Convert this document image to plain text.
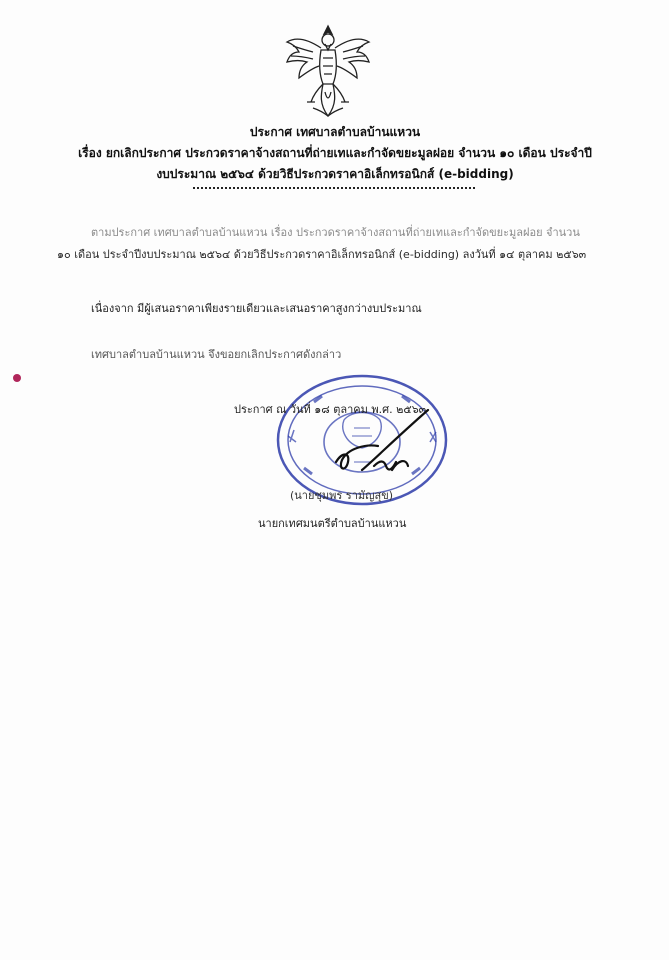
ประกาศ เทศบาลตำบลบ้านแหวน
เรื่อง ยกเลิกประกาศ ประกวดราคาจ้างสถานที่ถ่ายเทและกำจัดขยะมูลฝอย จำนวน ๑๐ เดือน ประจำปี
งบประมาณ ๒๕๖๔ ด้วยวิธีประกวดราคาอิเล็กทรอนิกส์ (e-bidding)
ตามประกาศ เทศบาลตำบลบ้านแหวน เรื่อง ประกวดราคาจ้างสถานที่ถ่ายเทและกำจัดขยะมูลฝอย จำนวน
๑๐ เดือน ประจำปีงบประมาณ ๒๕๖๔ ด้วยวิธีประกวดราคาอิเล็กทรอนิกส์ (e-bidding) ลงวันที่ ๑๔ ตุลาคม ๒๕๖๓
เนื่องจาก มีผู้เสนอราคาเพียงรายเดียวและเสนอราคาสูงกว่างบประมาณ
เทศบาลตำบลบ้านแหวน จึงขอยกเลิกประกาศดังกล่าว
ประกาศ ณ วันที่ ๑๘ ตุลาคม พ.ศ. ๒๕๖๓
(นายชุมพร รามัญสุข)
นายกเทศมนตรีตำบลบ้านแหวน
